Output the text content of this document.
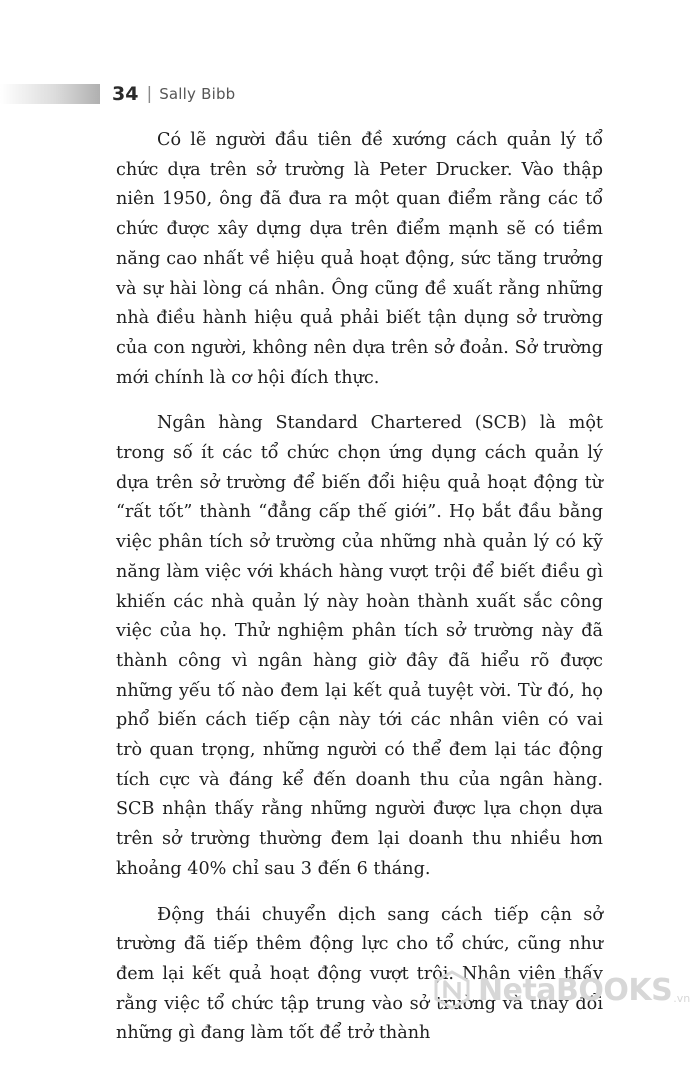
34 | Sally Bibb

Có lẽ người đầu tiên đề xướng cách quản lý tổ chức dựa trên sở trường là Peter Drucker. Vào thập niên 1950, ông đã đưa ra một quan điểm rằng các tổ chức được xây dựng dựa trên điểm mạnh sẽ có tiềm năng cao nhất về hiệu quả hoạt động, sức tăng trưởng và sự hài lòng cá nhân. Ông cũng đề xuất rằng những nhà điều hành hiệu quả phải biết tận dụng sở trường của con người, không nên dựa trên sở đoản. Sở trường mới chính là cơ hội đích thực.

Ngân hàng Standard Chartered (SCB) là một trong số ít các tổ chức chọn ứng dụng cách quản lý dựa trên sở trường để biến đổi hiệu quả hoạt động từ “rất tốt” thành “đẳng cấp thế giới”. Họ bắt đầu bằng việc phân tích sở trường của những nhà quản lý có kỹ năng làm việc với khách hàng vượt trội để biết điều gì khiến các nhà quản lý này hoàn thành xuất sắc công việc của họ. Thử nghiệm phân tích sở trường này đã thành công vì ngân hàng giờ đây đã hiểu rõ được những yếu tố nào đem lại kết quả tuyệt vời. Từ đó, họ phổ biến cách tiếp cận này tới các nhân viên có vai trò quan trọng, những người có thể đem lại tác động tích cực và đáng kể đến doanh thu của ngân hàng. SCB nhận thấy rằng những người được lựa chọn dựa trên sở trường thường đem lại doanh thu nhiều hơn khoảng 40% chỉ sau 3 đến 6 tháng.

Động thái chuyển dịch sang cách tiếp cận sở trường đã tiếp thêm động lực cho tổ chức, cũng như đem lại kết quả hoạt động vượt trội. Nhân viên thấy rằng việc tổ chức tập trung vào sở trường và thay đổi những gì đang làm tốt để trở thành

NetaBOOKS .vn
